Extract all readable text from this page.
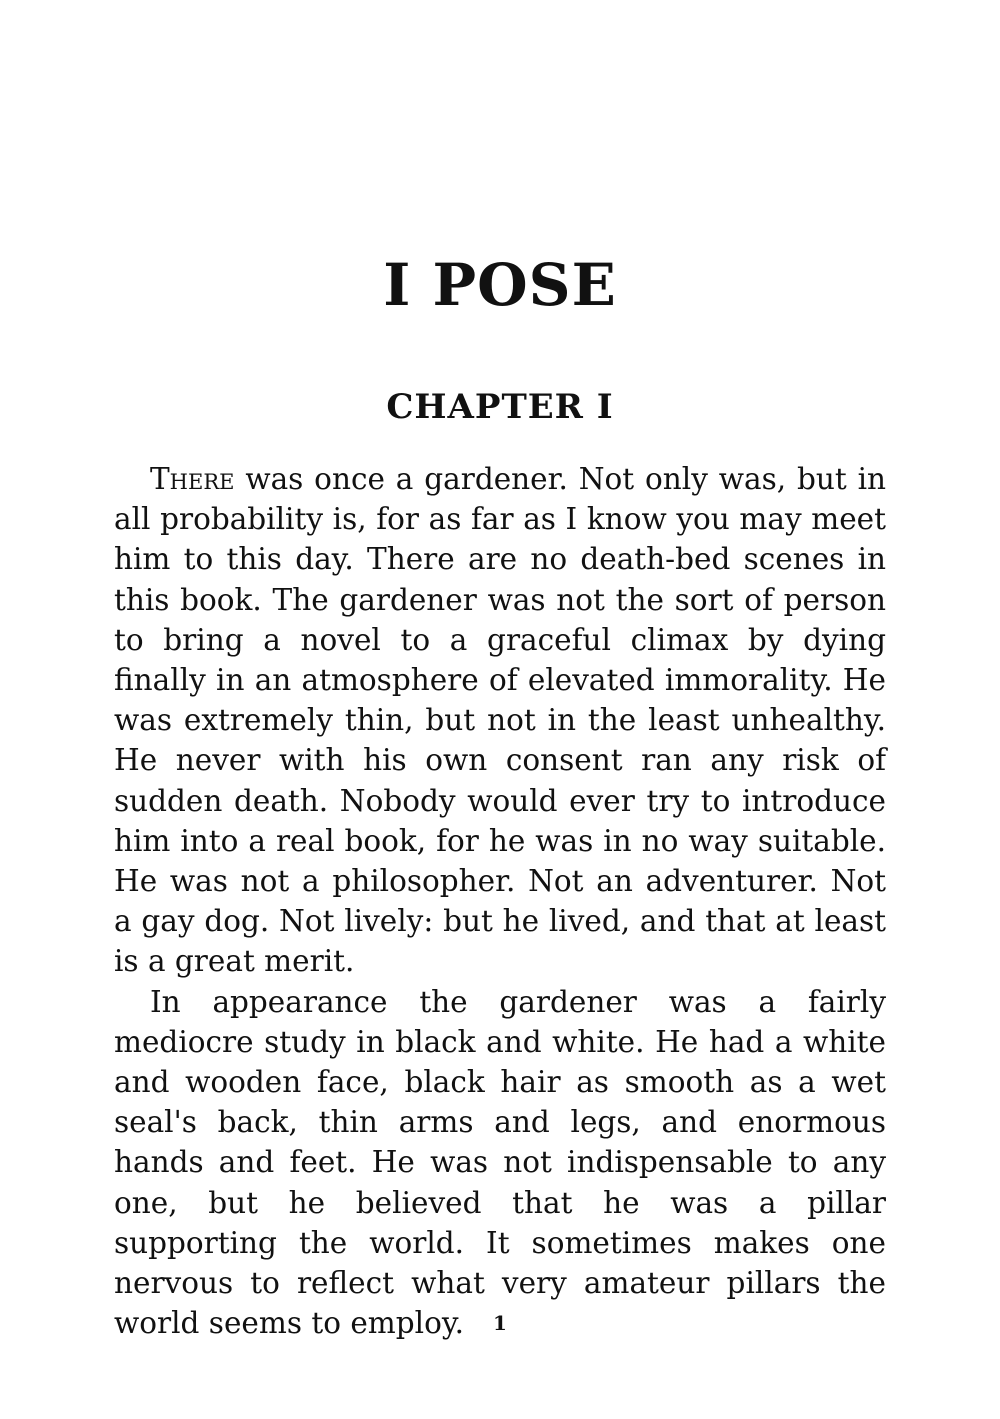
I POSE
CHAPTER I

There was once a gardener. Not only was, but in all probability is, for as far as I know you may meet him to this day. There are no death-bed scenes in this book. The gardener was not the sort of person to bring a novel to a graceful climax by dying finally in an atmosphere of elevated immorality. He was extremely thin, but not in the least unhealthy. He never with his own consent ran any risk of sudden death. Nobody would ever try to introduce him into a real book, for he was in no way suitable. He was not a philosopher. Not an adventurer. Not a gay dog. Not lively: but he lived, and that at least is a great merit.

In appearance the gardener was a fairly mediocre study in black and white. He had a white and wooden face, black hair as smooth as a wet seal's back, thin arms and legs, and enormous hands and feet. He was not indispensable to any one, but he believed that he was a pillar supporting the world. It sometimes makes one nervous to reflect what very amateur pillars the world seems to employ.	1
